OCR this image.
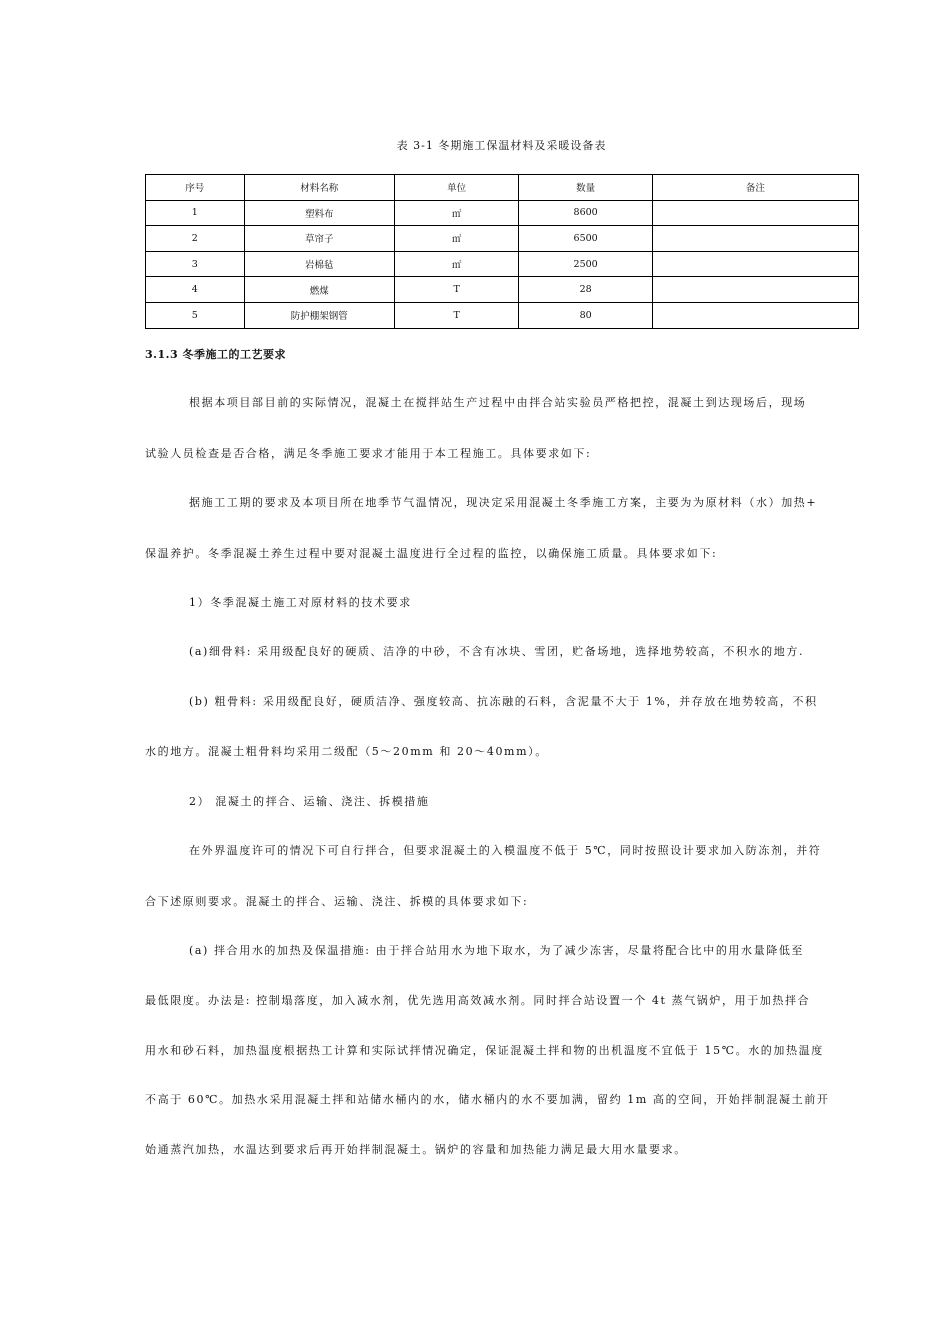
表 3-1 冬期施工保温材料及采暖设备表
序号	材料名称	单位	数量	备注
1	塑料布	㎡	8600	
2	草帘子	㎡	6500	
3	岩棉毡	㎡	2500	
4	燃煤	T	28	
5	防护棚架钢管	T	80	
3.1.3 冬季施工的工艺要求
根据本项目部目前的实际情况，混凝土在搅拌站生产过程中由拌合站实验员严格把控，混凝土到达现场后，现场
试验人员检查是否合格，满足冬季施工要求才能用于本工程施工。具体要求如下:
据施工工期的要求及本项目所在地季节气温情况，现决定采用混凝土冬季施工方案，主要为为原材料（水）加热+
保温养护。冬季混凝土养生过程中要对混凝土温度进行全过程的监控，以确保施工质量。具体要求如下:
1）冬季混凝土施工对原材料的技术要求
(a)细骨料: 采用级配良好的硬质、洁净的中砂，不含有冰块、雪团，贮备场地，选择地势较高，不积水的地方.
(b) 粗骨料: 采用级配良好，硬质洁净、强度较高、抗冻融的石料，含泥量不大于 1%，并存放在地势较高，不积
水的地方。混凝土粗骨料均采用二级配（5～20mm 和 20～40mm）。
2） 混凝土的拌合、运输、浇注、拆模措施
在外界温度许可的情况下可自行拌合，但要求混凝土的入模温度不低于 5℃，同时按照设计要求加入防冻剂，并符
合下述原则要求。混凝土的拌合、运输、浇注、拆模的具体要求如下:
(a) 拌合用水的加热及保温措施: 由于拌合站用水为地下取水，为了减少冻害，尽量将配合比中的用水量降低至
最低限度。办法是: 控制塌落度，加入减水剂，优先选用高效减水剂。同时拌合站设置一个 4t 蒸气锅炉，用于加热拌合
用水和砂石料，加热温度根据热工计算和实际试拌情况确定，保证混凝土拌和物的出机温度不宜低于 15℃。水的加热温度
不高于 60℃。加热水采用混凝土拌和站储水桶内的水，储水桶内的水不要加满，留约 1m 高的空间，开始拌制混凝土前开
始通蒸汽加热，水温达到要求后再开始拌制混凝土。锅炉的容量和加热能力满足最大用水量要求。
